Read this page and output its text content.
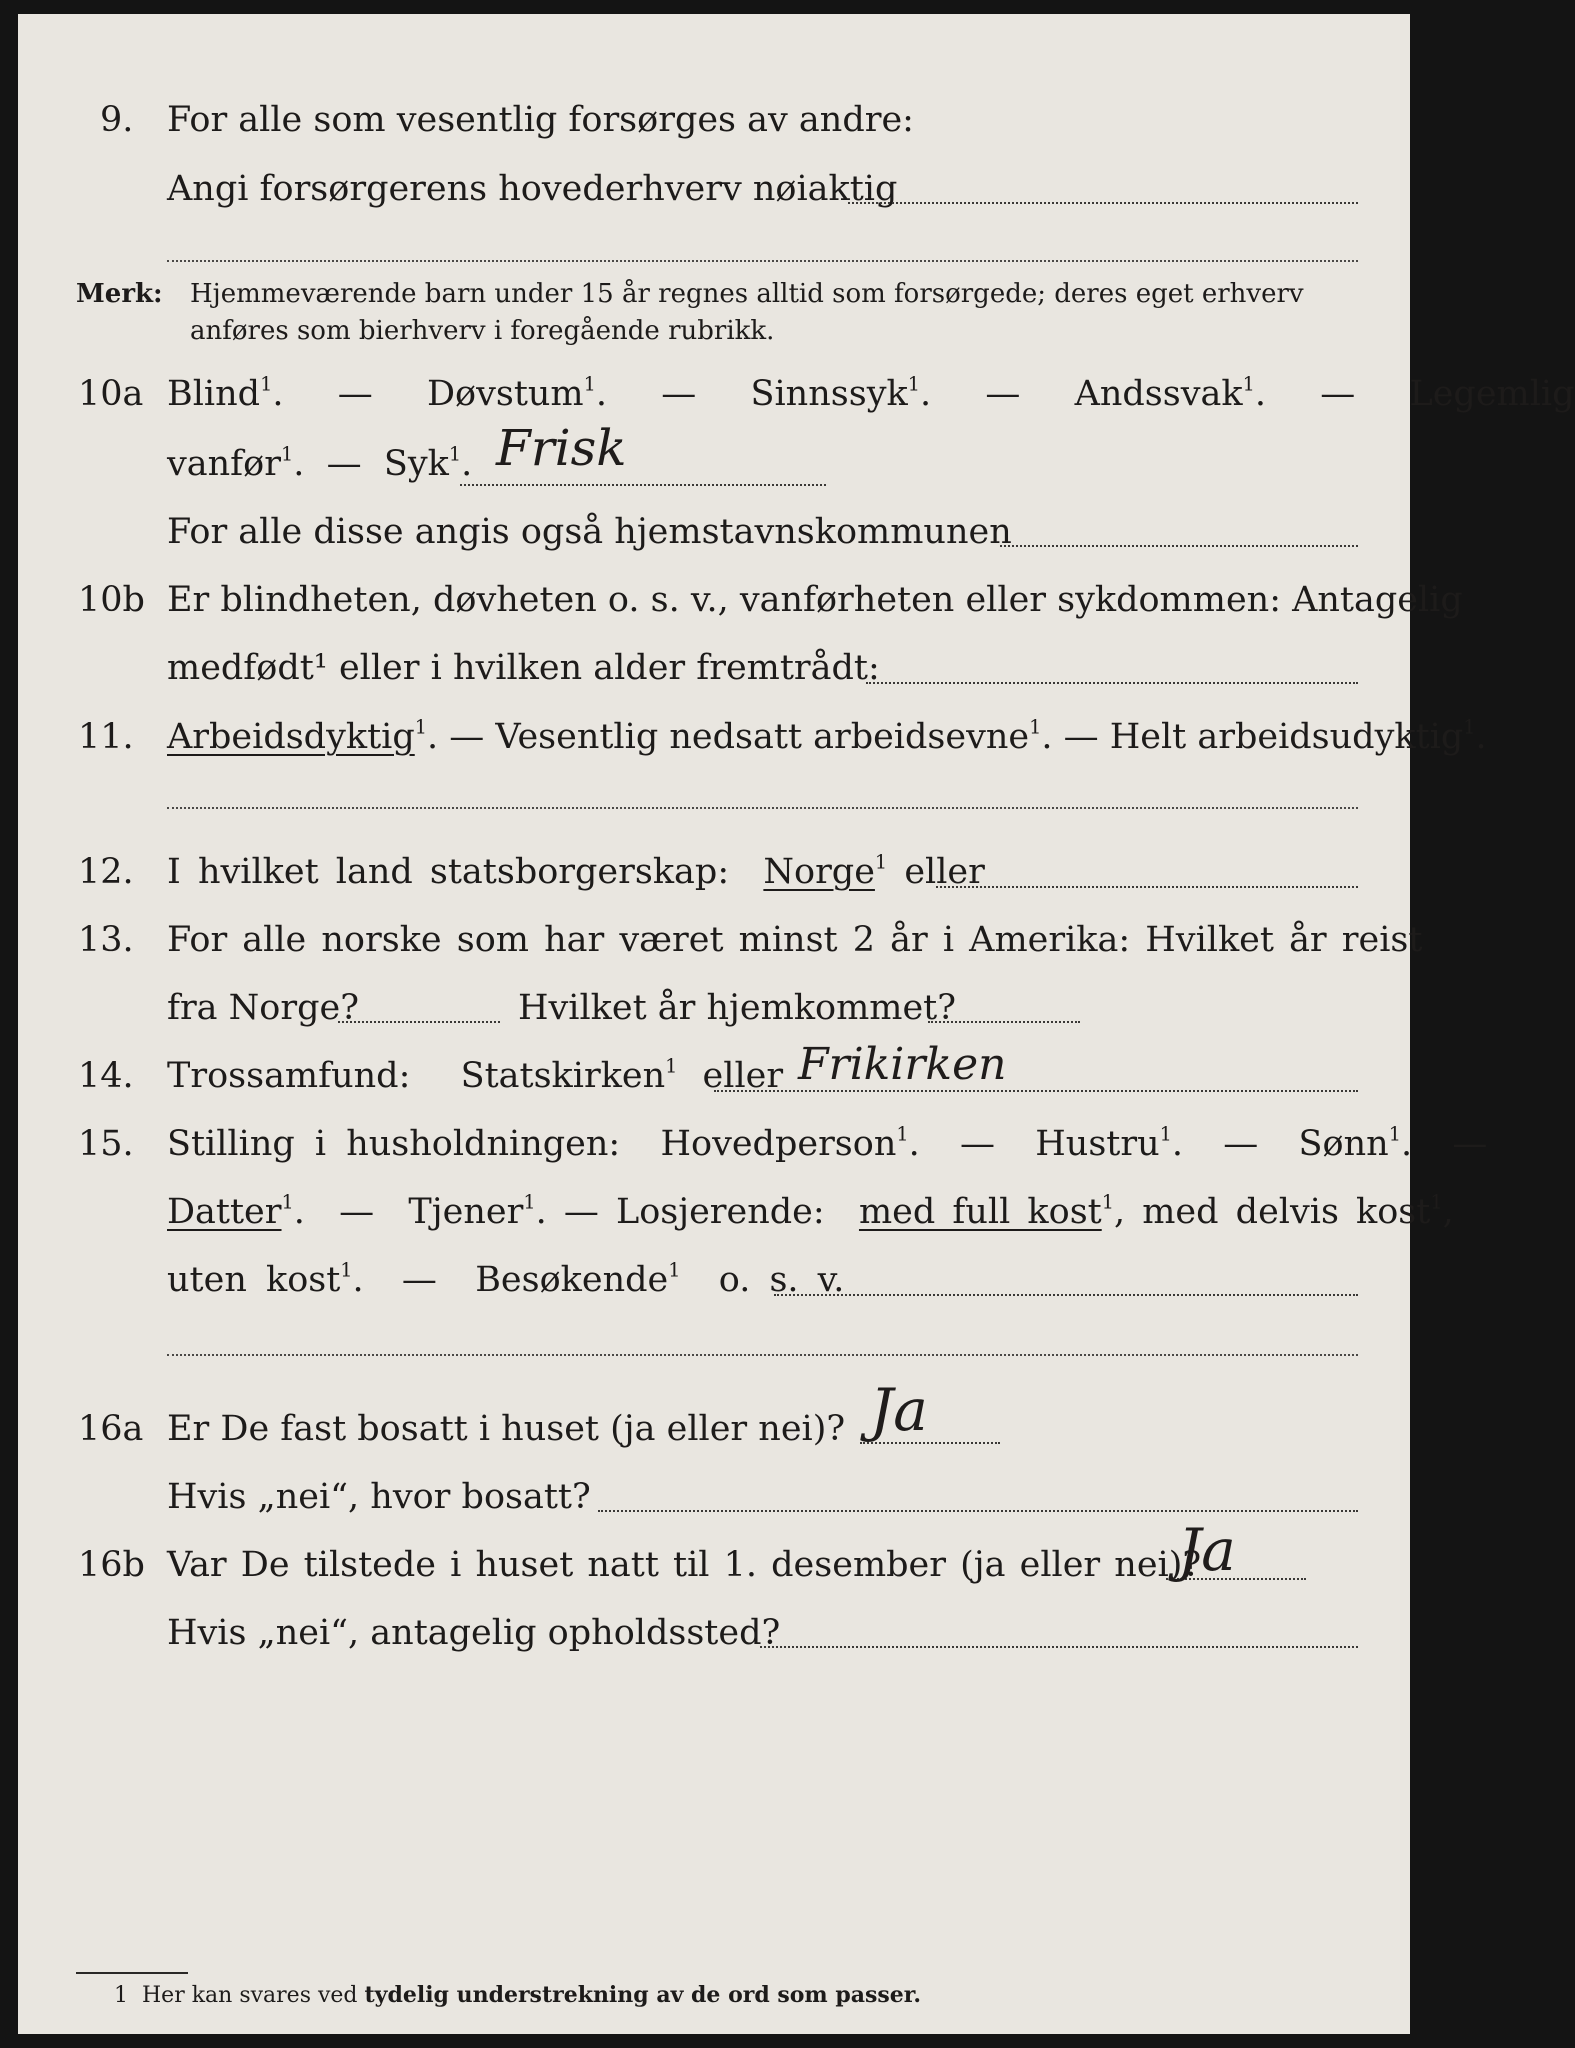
9. For alle som vesentlig forsørges av andre:
Angi forsørgerens hovederhverv nøiaktig
Merk: Hjemmeværende barn under 15 år regnes alltid som forsørgede; deres eget erhverv
anføres som bierhverv i foregående rubrikk.
10a Blind$^1$.  —  Døvstum$^1$.  —  Sinnssyk$^1$.  —  Andssvak$^1$.  —  Legemlig
vanfør$^1$.  —  Syk$^1$. Frisk
For alle disse angis også hjemstavnskommunen
10b Er blindheten, døvheten o. s. v., vanførheten eller sykdommen: Antagelig
medfødt¹ eller i hvilken alder fremtrådt:
11. Arbeidsdyktig$^1$. — Vesentlig nedsatt arbeidsevne$^1$. — Helt arbeidsudyktig$^1$.
12. I hvilket land statsborgerskap: Norge$^1$ eller
13. For alle norske som har været minst 2 år i Amerika: Hvilket år reist
fra Norge?	Hvilket år hjemkommet?
14. Trossamfund: Statskirken$^1$ eller Frikirken
15. Stilling i husholdningen: Hovedperson$^1$.  —  Hustru$^1$.  —  Sønn$^1$.  —
Datter$^1$.  —  Tjener$^1$. — Losjerende: med full kost$^1$, med delvis kost$^1$,
uten kost$^1$.  —  Besøkende$^1$ o. s. v.
16a Er De fast bosatt i huset (ja eller nei)? Ja
Hvis „nei“, hvor bosatt?
16b Var De tilstede i huset natt til 1. desember (ja eller nei)?
Ja
Hvis „nei“, antagelig opholdssted?
1 Her kan svares ved tydelig understrekning av de ord som passer.
